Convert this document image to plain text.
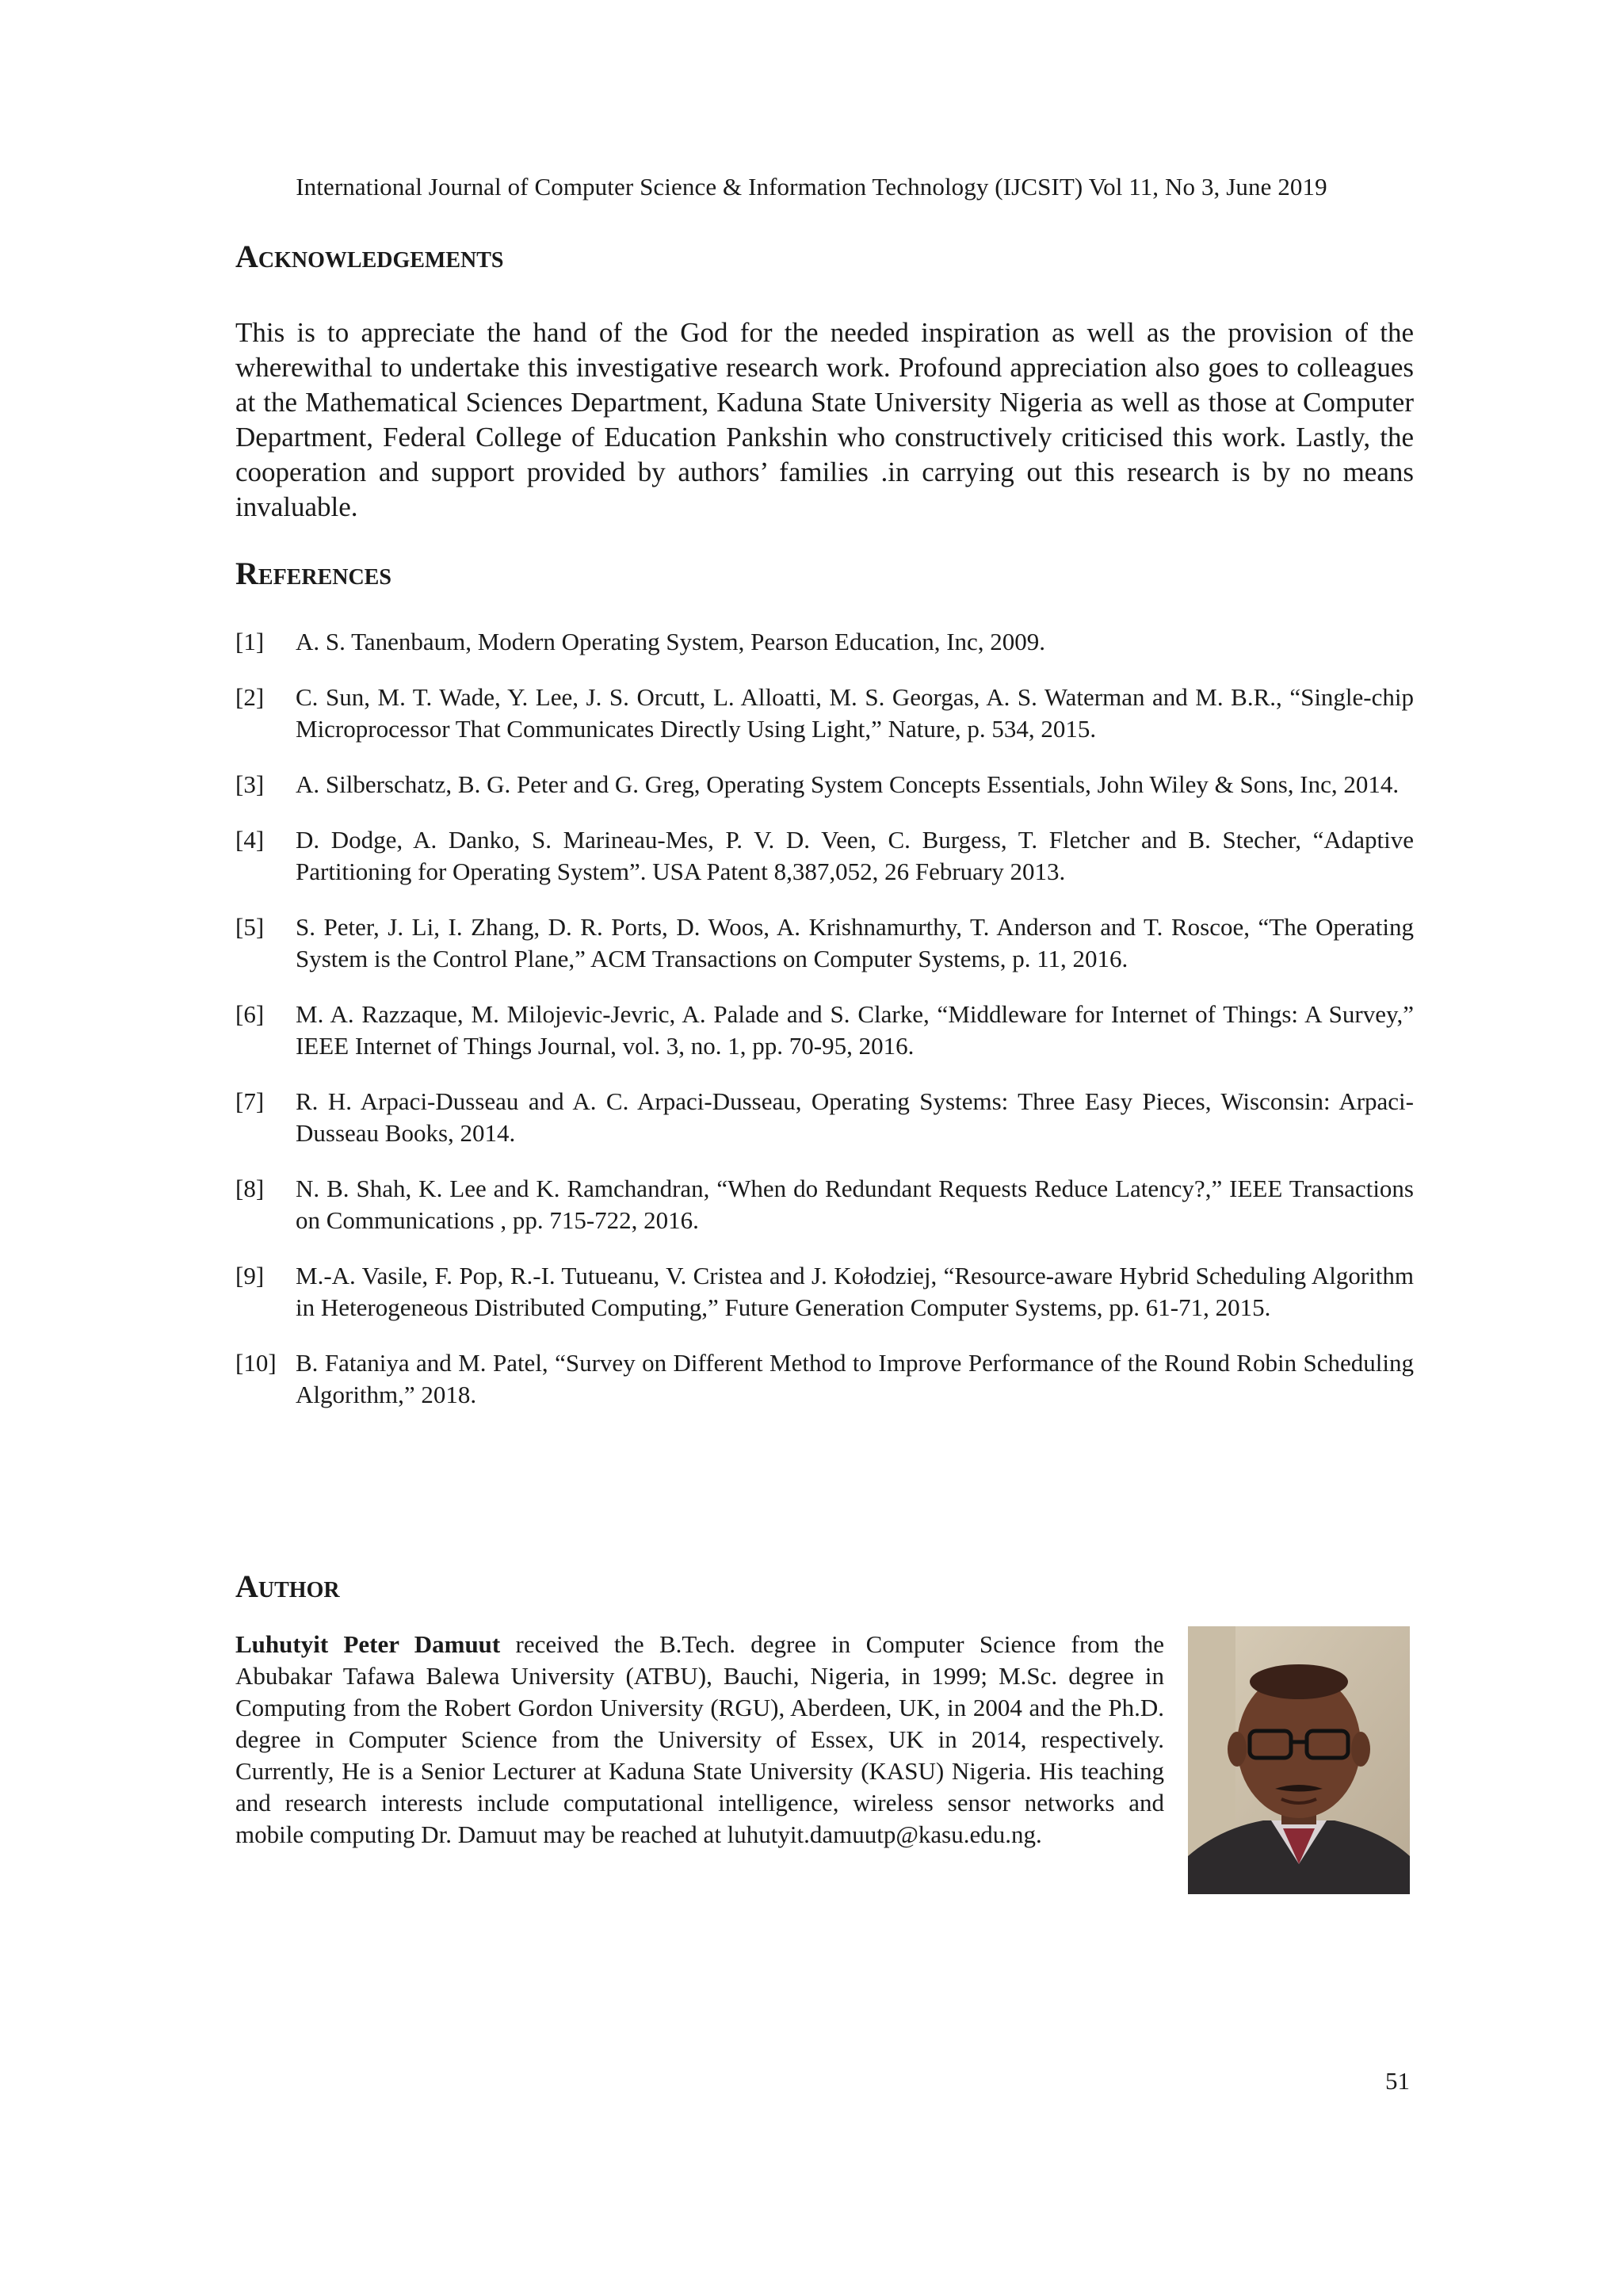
International Journal of Computer Science & Information Technology (IJCSIT) Vol 11, No 3, June 2019
Acknowledgements

This is to appreciate the hand of the God for the needed inspiration as well as the provision of the wherewithal to undertake this investigative research work. Profound appreciation also goes to colleagues at the Mathematical Sciences Department, Kaduna State University Nigeria as well as those at Computer Department, Federal College of Education Pankshin who constructively criticised this work. Lastly, the cooperation and support provided by authors’ families .in carrying out this research is by no means invaluable.

References
[1]	A. S. Tanenbaum, Modern Operating System, Pearson Education, Inc, 2009.
[2]	C. Sun, M. T. Wade, Y. Lee, J. S. Orcutt, L. Alloatti, M. S. Georgas, A. S. Waterman and M. B.R., “Single-chip Microprocessor That Communicates Directly Using Light,” Nature, p. 534, 2015.
[3]	A. Silberschatz, B. G. Peter and G. Greg, Operating System Concepts Essentials, John Wiley & Sons, Inc, 2014.
[4]	D. Dodge, A. Danko, S. Marineau-Mes, P. V. D. Veen, C. Burgess, T. Fletcher and B. Stecher, “Adaptive Partitioning for Operating System”. USA Patent 8,387,052, 26 February 2013.
[5]	S. Peter, J. Li, I. Zhang, D. R. Ports, D. Woos, A. Krishnamurthy, T. Anderson and T. Roscoe, “The Operating System is the Control Plane,” ACM Transactions on Computer Systems, p. 11, 2016.
[6]	M. A. Razzaque, M. Milojevic-Jevric, A. Palade and S. Clarke, “Middleware for Internet of Things: A Survey,” IEEE Internet of Things Journal, vol. 3, no. 1, pp. 70-95, 2016.
[7]	R. H. Arpaci-Dusseau and A. C. Arpaci-Dusseau, Operating Systems: Three Easy Pieces, Wisconsin: Arpaci-Dusseau Books, 2014.
[8]	N. B. Shah, K. Lee and K. Ramchandran, “When do Redundant Requests Reduce Latency?,” IEEE Transactions on Communications , pp. 715-722, 2016.
[9]	M.-A. Vasile, F. Pop, R.-I. Tutueanu, V. Cristea and J. Kołodziej, “Resource-aware Hybrid Scheduling Algorithm in Heterogeneous Distributed Computing,” Future Generation Computer Systems, pp. 61-71, 2015.
[10] B. Fataniya and M. Patel, “Survey on Different Method to Improve Performance of the Round Robin Scheduling Algorithm,” 2018.
Author

Luhutyit Peter Damuut received the B.Tech. degree in Computer Science from the Abubakar Tafawa Balewa University (ATBU), Bauchi, Nigeria, in 1999; M.Sc. degree in Computing from the Robert Gordon University (RGU), Aberdeen, UK, in 2004 and the Ph.D. degree in Computer Science from the University of Essex, UK in 2014, respectively. Currently, He is a Senior Lecturer at Kaduna State University (KASU) Nigeria. His teaching and research interests include computational intelligence, wireless sensor networks and mobile computing Dr. Damuut may be reached at luhutyit.damuutp@kasu.edu.ng.

51
